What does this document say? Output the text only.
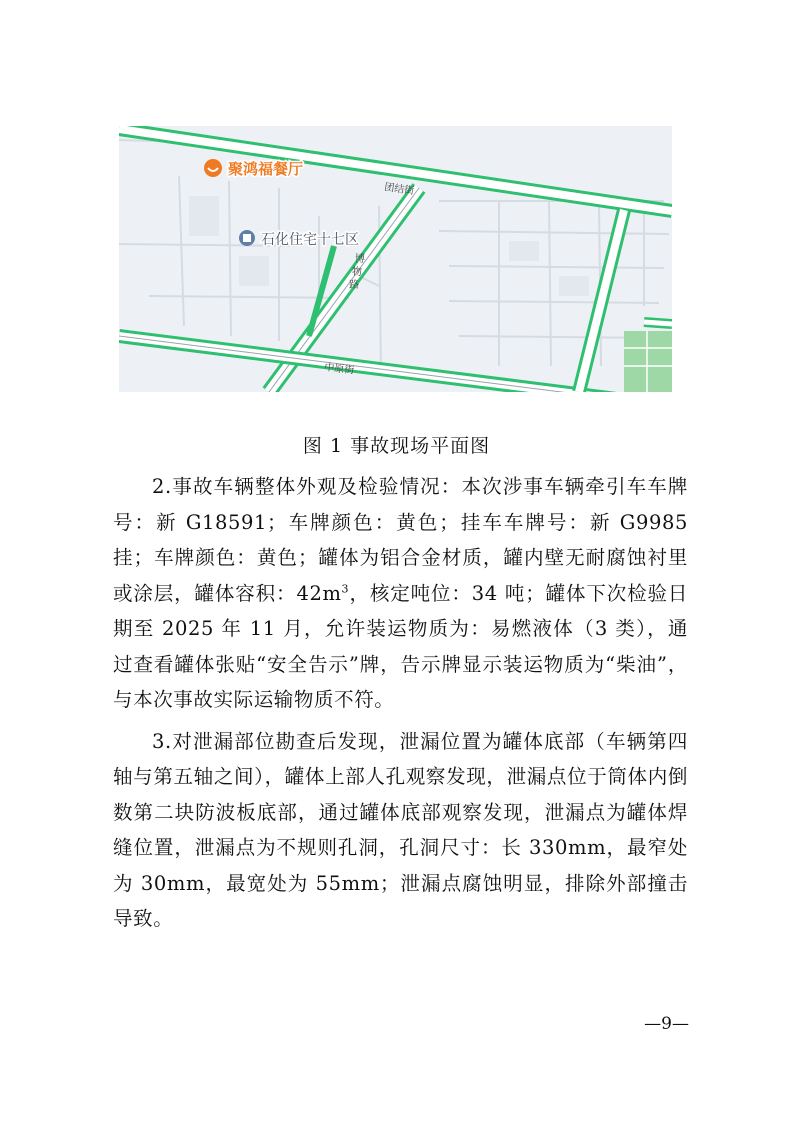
聚鸿福餐厅
石化住宅十七区
团结街
博
物
路
中原街
图 1 事故现场平面图

2.事故车辆整体外观及检验情况：本次涉事车辆牵引车车牌号：新 G18591；车牌颜色：黄色；挂车车牌号：新 G9985 挂；车牌颜色：黄色；罐体为铝合金材质，罐内壁无耐腐蚀衬里或涂层，罐体容积：$42m^3$，核定吨位：34 吨；罐体下次检验日期至 2025 年 11 月，允许装运物质为：易燃液体（3 类），通过查看罐体张贴“安全告示”牌，告示牌显示装运物质为“柴油”，与本次事故实际运输物质不符。

3.对泄漏部位勘查后发现，泄漏位置为罐体底部（车辆第四轴与第五轴之间），罐体上部人孔观察发现，泄漏点位于筒体内倒数第二块防波板底部，通过罐体底部观察发现，泄漏点为罐体焊缝位置，泄漏点为不规则孔洞，孔洞尺寸：长 330mm，最窄处为 30mm，最宽处为 55mm；泄漏点腐蚀明显，排除外部撞击导致。

—9—
